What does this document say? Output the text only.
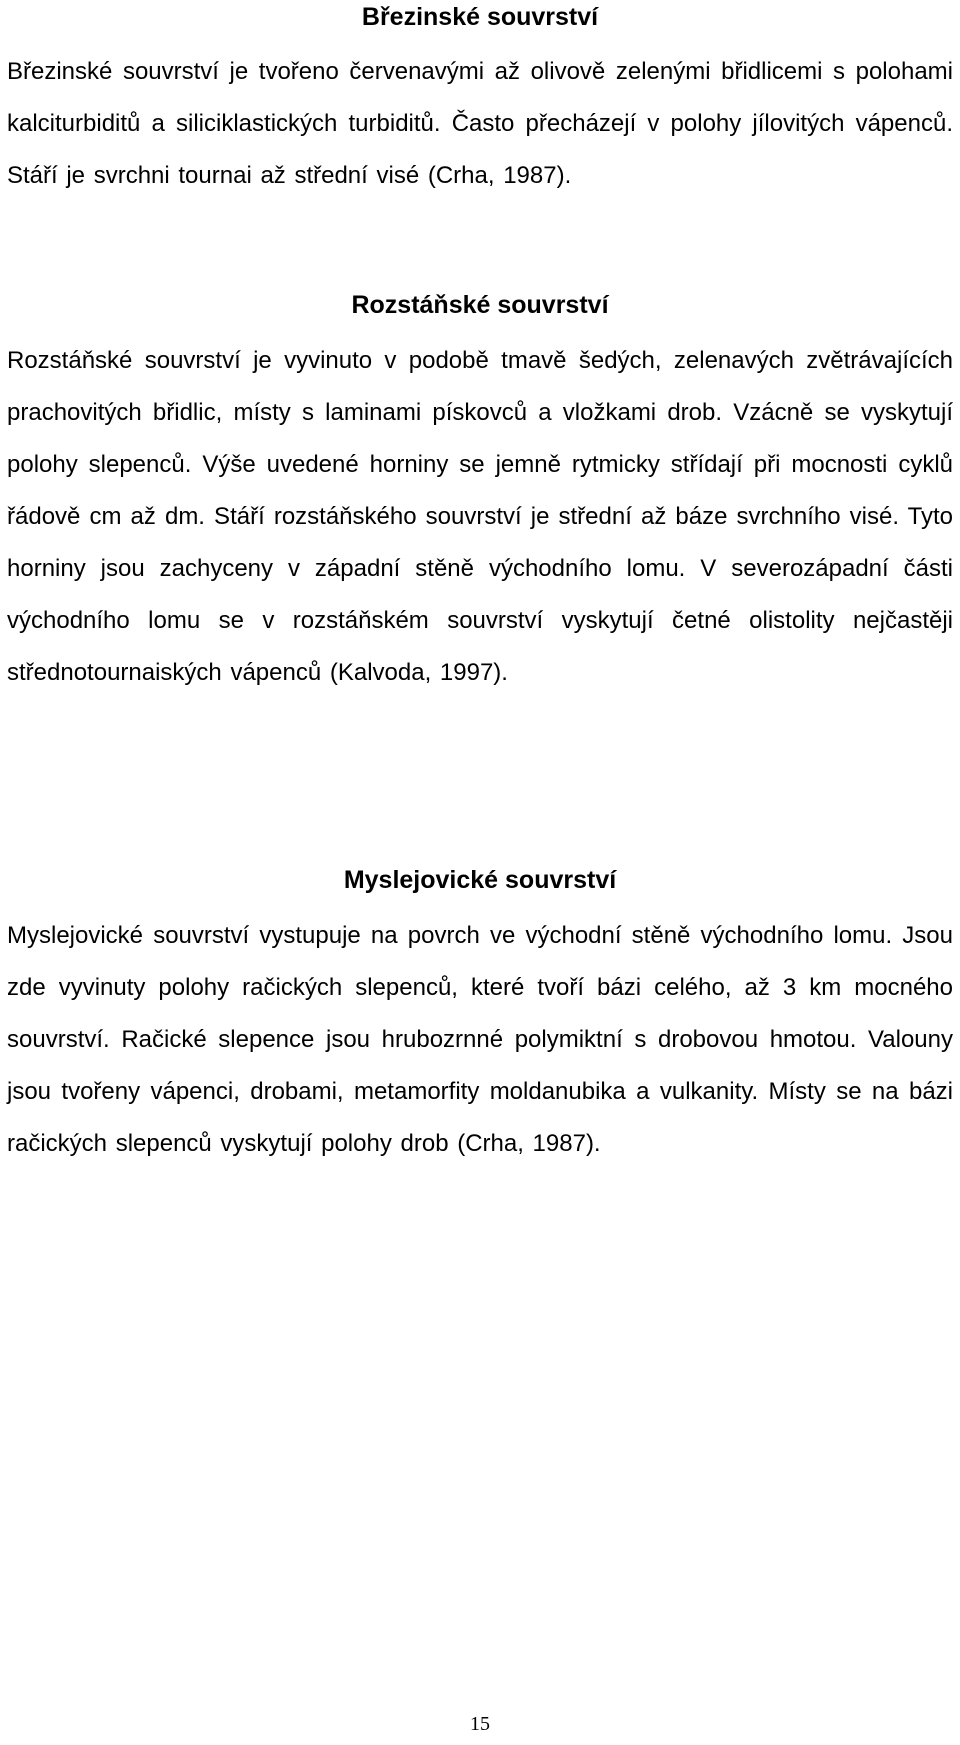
Březinské souvrství

Březinské souvrství je tvořeno červenavými až olivově zelenými břidlicemi s polohami kalciturbiditů a siliciklastických turbiditů. Často přecházejí v polohy jílovitých vápenců. Stáří je svrchni tournai až střední visé (Crha, 1987).

Rozstáňské souvrství

Rozstáňské souvrství je vyvinuto v podobě tmavě šedých, zelenavých zvětrávajících prachovitých břidlic, místy s laminami pískovců a vložkami drob. Vzácně se vyskytují polohy slepenců. Výše uvedené horniny se jemně rytmicky střídají při mocnosti cyklů řádově cm až dm. Stáří rozstáňského souvrství je střední až báze svrchního visé. Tyto horniny jsou zachyceny v západní stěně východního lomu. V severozápadní části východního lomu se v rozstáňském souvrství vyskytují četné olistolity nejčastěji střednotournaiských vápenců (Kalvoda, 1997).

Myslejovické souvrství

Myslejovické souvrství vystupuje na povrch ve východní stěně východního lomu. Jsou zde vyvinuty polohy račických slepenců, které tvoří bázi celého, až 3 km mocného souvrství. Račické slepence jsou hrubozrnné polymiktní s drobovou hmotou. Valouny jsou tvořeny vápenci, drobami, metamorfity moldanubika a vulkanity. Místy se na bázi račických slepenců vyskytují polohy drob (Crha, 1987).

15
